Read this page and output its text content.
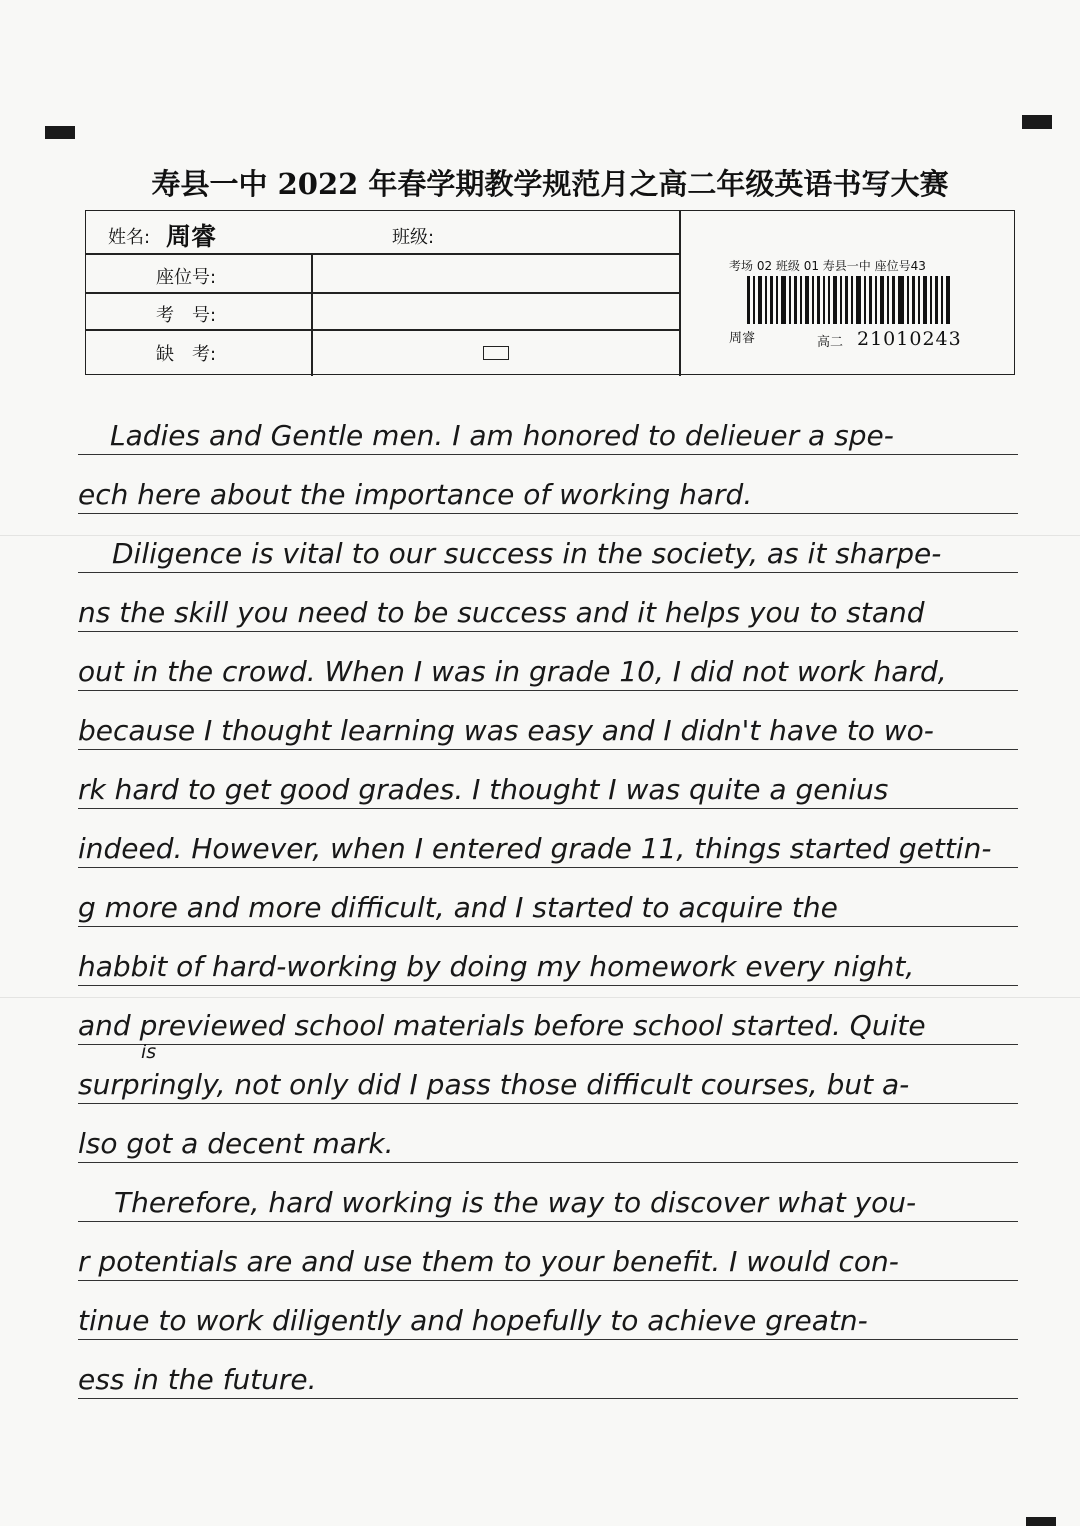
寿县一中 2022 年春学期教学规范月之高二年级英语书写大赛
姓名: 周睿	班级:
座位号:
考　号:
缺　考:
考场 02 班级 01 寿县一中 座位号43
周睿	高二 21010243
Ladies and Gentle men. I am honored to delieuer a spe-
ech here about the importance of working hard.
Diligence is vital to our success in the society, as it sharpe-
ns the skill you need to be success and it helps you to stand
out in the crowd. When I was in grade 10, I did not work hard,
because I thought learning was easy and I didn't have to wo-
rk hard to get good grades. I thought I was quite a genius
indeed. However, when I entered grade 11, things started gettin-
g more and more difficult, and I started to acquire the
habbit of hard-working by doing my homework every night,
and previewed school materials before school started. Quite
surpringly, not only did I pass those difficult courses, but a-
lso got a decent mark.
Therefore, hard working is the way to discover what you-
r potentials are and use them to your benefit. I would con-
tinue to work diligently and hopefully to achieve greatn-
ess in the future.
is
